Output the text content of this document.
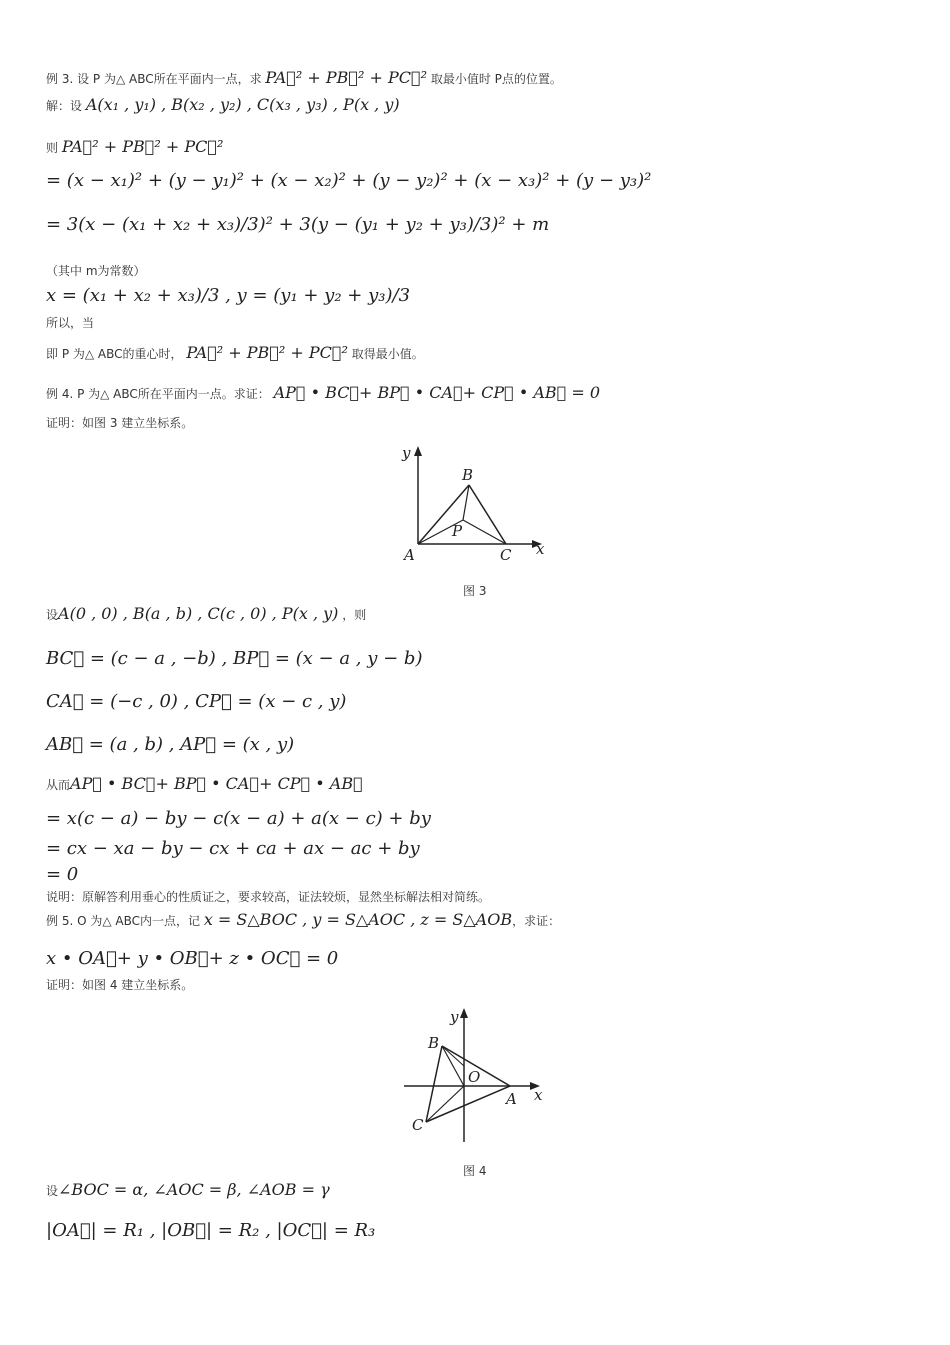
例 3. 设 P 为△ ABC所在平面内一点，求 PA⃗² + PB⃗² + PC⃗² 取最小值时 P点的位置。
解：设 A(x₁ , y₁) , B(x₂ , y₂) , C(x₃ , y₃) , P(x , y)
则 PA⃗² + PB⃗² + PC⃗²
= (x − x₁)² + (y − y₁)² + (x − x₂)² + (y − y₂)² + (x − x₃)² + (y − y₃)²
= 3(x − (x₁ + x₂ + x₃)/3)² + 3(y − (y₁ + y₂ + y₃)/3)² + m
（其中 m为常数）
x = (x₁ + x₂ + x₃)/3 , y = (y₁ + y₂ + y₃)/3
所以，当
即 P 为△ ABC的重心时， PA⃗² + PB⃗² + PC⃗² 取得最小值。
例 4. P 为△ ABC所在平面内一点。求证： AP⃗ • BC⃗+ BP⃗ • CA⃗+ CP⃗ • AB⃗ = 0
证明：如图 3 建立坐标系。
设A(0 , 0) , B(a , b) , C(c , 0) , P(x , y) ，则
BC⃗ = (c − a , −b) , BP⃗ = (x − a , y − b)
CA⃗ = (−c , 0) , CP⃗ = (x − c , y)
AB⃗ = (a , b) , AP⃗ = (x , y)
从而AP⃗ • BC⃗+ BP⃗ • CA⃗+ CP⃗ • AB⃗
= x(c − a) − by − c(x − a) + a(x − c) + by
= cx − xa − by − cx + ca + ax − ac + by
= 0
说明：原解答利用垂心的性质证之，要求较高，证法较烦，显然坐标解法相对简练。
例 5. O 为△ ABC内一点，记 x = S△BOC , y = S△AOC , z = S△AOB，求证：
x • OA⃗+ y • OB⃗+ z • OC⃗ = 0
证明：如图 4 建立坐标系。
设∠BOC = α, ∠AOC = β, ∠AOB = γ
|OA⃗| = R₁ , |OB⃗| = R₂ , |OC⃗| = R₃
y
x
A
B
C
P
图 3
y
x
A
B
C
O
图 4
